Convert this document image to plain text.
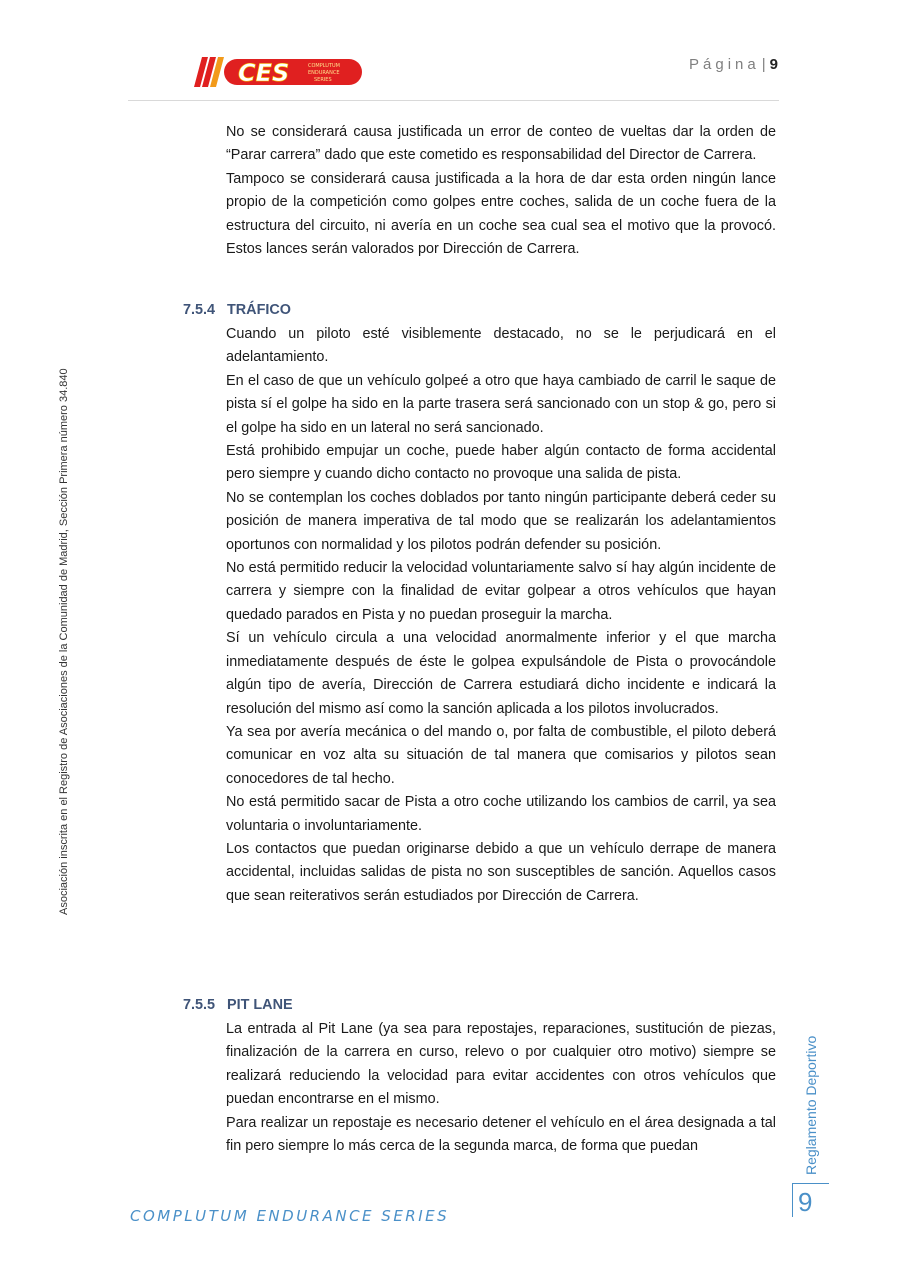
CES	COMPLUTUM
ENDURANCE
SERIES
Página | 9
Asociación inscrita en el Registro de Asociaciones de la Comunidad de Madrid, Sección Primera número 34.840

No se considerará causa justificada un error de conteo de vueltas dar la orden de “Parar carrera” dado que este cometido es responsabilidad del Director de Carrera.

Tampoco se considerará causa justificada a la hora de dar esta orden ningún lance propio de la competición como golpes entre coches, salida de un coche fuera de la estructura del circuito, ni avería en un coche sea cual sea el motivo que la provocó. Estos lances serán valorados por Dirección de Carrera.

7.5.4 TRÁFICO

Cuando un piloto esté visiblemente destacado, no se le perjudicará en el adelantamiento.

En el caso de que un vehículo golpeé a otro que haya cambiado de carril le saque de pista sí el golpe ha sido en la parte trasera será sancionado con un stop & go, pero si el golpe ha sido en un lateral no será sancionado.

Está prohibido empujar un coche, puede haber algún contacto de forma accidental pero siempre y cuando dicho contacto no provoque una salida de pista.

No se contemplan los coches doblados por tanto ningún participante deberá ceder su posición de manera imperativa de tal modo que se realizarán los adelantamientos oportunos con normalidad y los pilotos podrán defender su posición.

No está permitido reducir la velocidad voluntariamente salvo sí hay algún incidente de carrera y siempre con la finalidad de evitar golpear a otros vehículos que hayan quedado parados en Pista y no puedan proseguir la marcha.

Sí un vehículo circula a una velocidad anormalmente inferior y el que marcha inmediatamente después de éste le golpea expulsándole de Pista o provocándole algún tipo de avería, Dirección de Carrera estudiará dicho incidente e indicará la resolución del mismo así como la sanción aplicada a los pilotos involucrados.

Ya sea por avería mecánica o del mando o, por falta de combustible, el piloto deberá comunicar en voz alta su situación de tal manera que comisarios y pilotos sean conocedores de tal hecho.

No está permitido sacar de Pista a otro coche utilizando los cambios de carril, ya sea voluntaria o involuntariamente.

Los contactos que puedan originarse debido a que un vehículo derrape de manera accidental, incluidas salidas de pista no son susceptibles de sanción. Aquellos casos que sean reiterativos serán estudiados por Dirección de Carrera.

7.5.5 PIT LANE

La entrada al Pit Lane (ya sea para repostajes, reparaciones, sustitución de piezas, finalización de la carrera en curso, relevo o por cualquier otro motivo) siempre se realizará reduciendo la velocidad para evitar accidentes con otros vehículos que puedan encontrarse en el mismo.

Para realizar un repostaje es necesario detener el vehículo en el área designada a tal fin pero siempre lo más cerca de la segunda marca, de forma que puedan

COMPLUTUM ENDURANCE SERIES
Reglamento Deportivo
9
